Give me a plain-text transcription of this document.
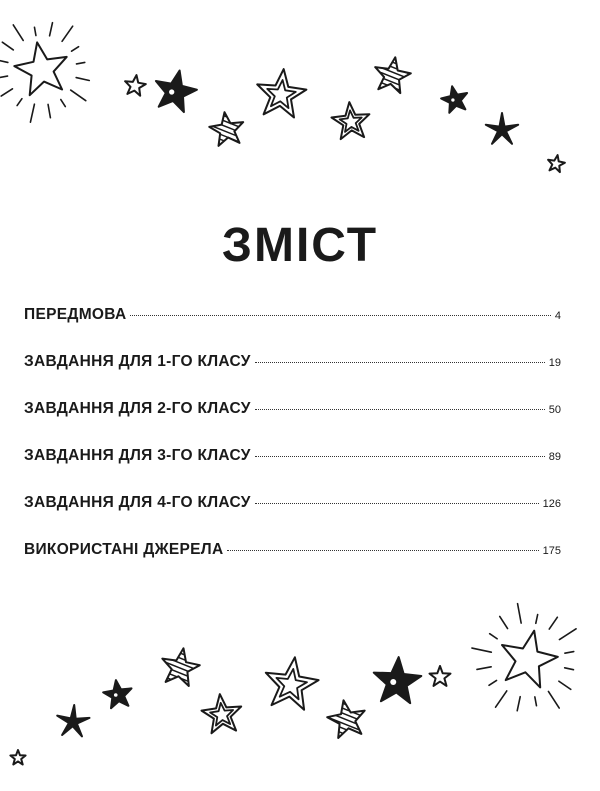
ЗМІСТ
ПЕРЕДМОВА	4
ЗАВДАННЯ ДЛЯ 1-ГО КЛАСУ	19
ЗАВДАННЯ ДЛЯ 2-ГО КЛАСУ	50
ЗАВДАННЯ ДЛЯ 3-ГО КЛАСУ	89
ЗАВДАННЯ ДЛЯ 4-ГО КЛАСУ	126
ВИКОРИСТАНІ ДЖЕРЕЛА	175
